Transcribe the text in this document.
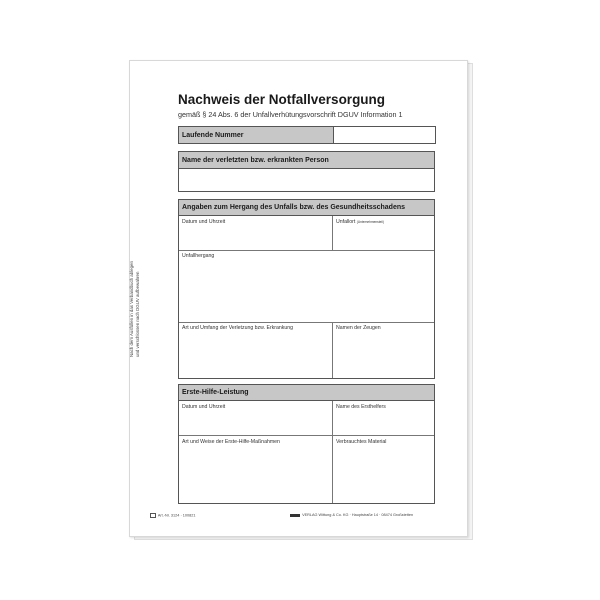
Nachweis der Notfallversorgung
gemäß § 24 Abs. 6 der Unfallverhütungsvorschrift DGUV Information 1
Laufende Nummer
Name der verletzten bzw. erkrankten Person
Angaben zum Hergang des Unfalls bzw. des Gesundheitsschadens
Datum und Uhrzeit	Unfallort (Unternehmensteil)
Unfallhergang
Art und Umfang der Verletzung bzw. Erkrankung	Namen der Zeugen
Erste-Hilfe-Leistung
Datum und Uhrzeit	Name des Ersthelfers
Art und Weise der Erste-Hilfe-Maßnahmen	Verbrauchtes Material
Nach dem Ausfüllen in das Verbandbuch ablegen und verschlossen nach DGUV aufbewahren
Art.-Nr. 3124 · 100821	VERLAG Wittung & Co. KG · Hauptstraße 14 · 08474 Großstetten
